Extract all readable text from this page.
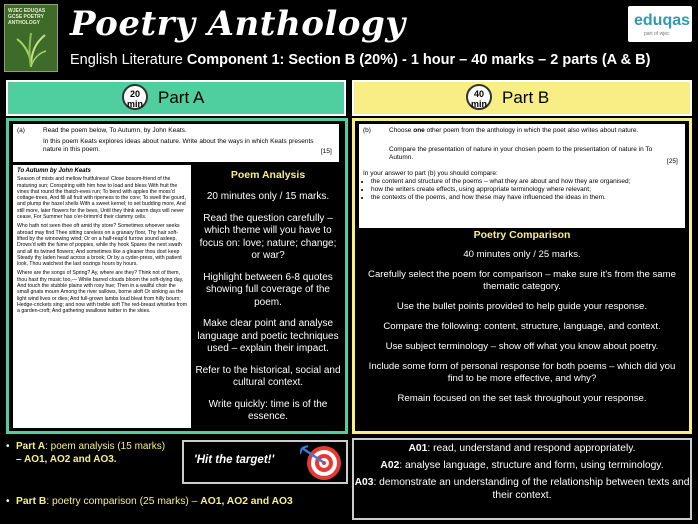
WJEC EDUQAS GCSE POETRY ANTHOLOGY Poetry Anthology
English Literature Component 1: Section B (20%) - 1 hour – 40 marks – 2 parts (A & B)
eduqas
part of wjec
20
min Part A	40
min Part B
(a)	Read the poem below, To Autumn, by John Keats.
In this poem Keats explores ideas about nature. Write about the ways in which Keats presents nature in this poem.	[15]
To Autumn by John Keats
Season of mists and mellow fruitfulness! Close bosom-friend of the maturing sun; Conspiring with him how to load and bless With fruit the vines that round the thatch-eves run; To bend with apples the moss'd cottage-trees, And fill all fruit with ripeness to the core; To swell the gourd, and plump the hazel shells With a sweet kernel; to set budding more, And still more, later flowers for the bees, Until they think warm days will never cease, For Summer has o'er-brimm'd their clammy cells.
Who hath not seen thee oft amid thy store? Sometimes whoever seeks abroad may find Thee sitting careless on a granary floor, Thy hair soft-lifted by the winnowing wind; Or on a half-reap'd furrow sound asleep, Drows'd with the fume of poppies, while thy hook Spares the next swath and all its twined flowers; And sometimes like a gleaner thou dost keep Steady thy laden head across a brook; Or by a cyder-press, with patient look, Thou watchest the last oozings hours by hours.
Where are the songs of Spring? Ay, where are they? Think not of them, thou hast thy music too,— While barred clouds bloom the soft-dying day, And touch the stubble plains with rosy hue; Then in a wailful choir the small gnats mourn Among the river sallows, borne aloft Or sinking as the light wind lives or dies; And full-grown lambs loud bleat from hilly bourn; Hedge-crickets sing; and now with treble soft The red-breast whistles from a garden-croft; And gathering swallows twitter in the skies.
Poem Analysis

20 minutes only / 15 marks.

Read the question carefully – which theme will you have to focus on: love; nature; change; or war?

Highlight between 6-8 quotes showing full coverage of the poem.

Make clear point and analyse language and poetic techniques used – explain their impact.

Refer to the historical, social and cultural context.

Write quickly: time is of the essence.

(b)	Choose one other poem from the anthology in which the poet also writes about nature.
Compare the presentation of nature in your chosen poem to the presentation of nature in To Autumn.
[25]
In your answer to part (b) you should compare:
• the content and structure of the poems – what they are about and how they are organised;
• how the writers create effects, using appropriate terminology where relevant;
• the contexts of the poems, and how these may have influenced the ideas in them.
Poetry Comparison

40 minutes only / 25 marks.

Carefully select the poem for comparison – make sure it's from the same thematic category.

Use the bullet points provided to help guide your response.

Compare the following: content, structure, language, and context.

Use subject terminology – show off what you know about poetry.

Include some form of personal response for both poems – which did you find to be more effective, and why?

Remain focused on the set task throughout your response.

• Part A: poem analysis (15 marks)
– AO1, AO2 and AO3.
• Part B: poetry comparison (25 marks) – AO1, AO2 and AO3
'Hit the target!'

A01: read, understand and respond appropriately.

A02: analyse language, structure and form, using terminology.

A03: demonstrate an understanding of the relationship between texts and their context.
